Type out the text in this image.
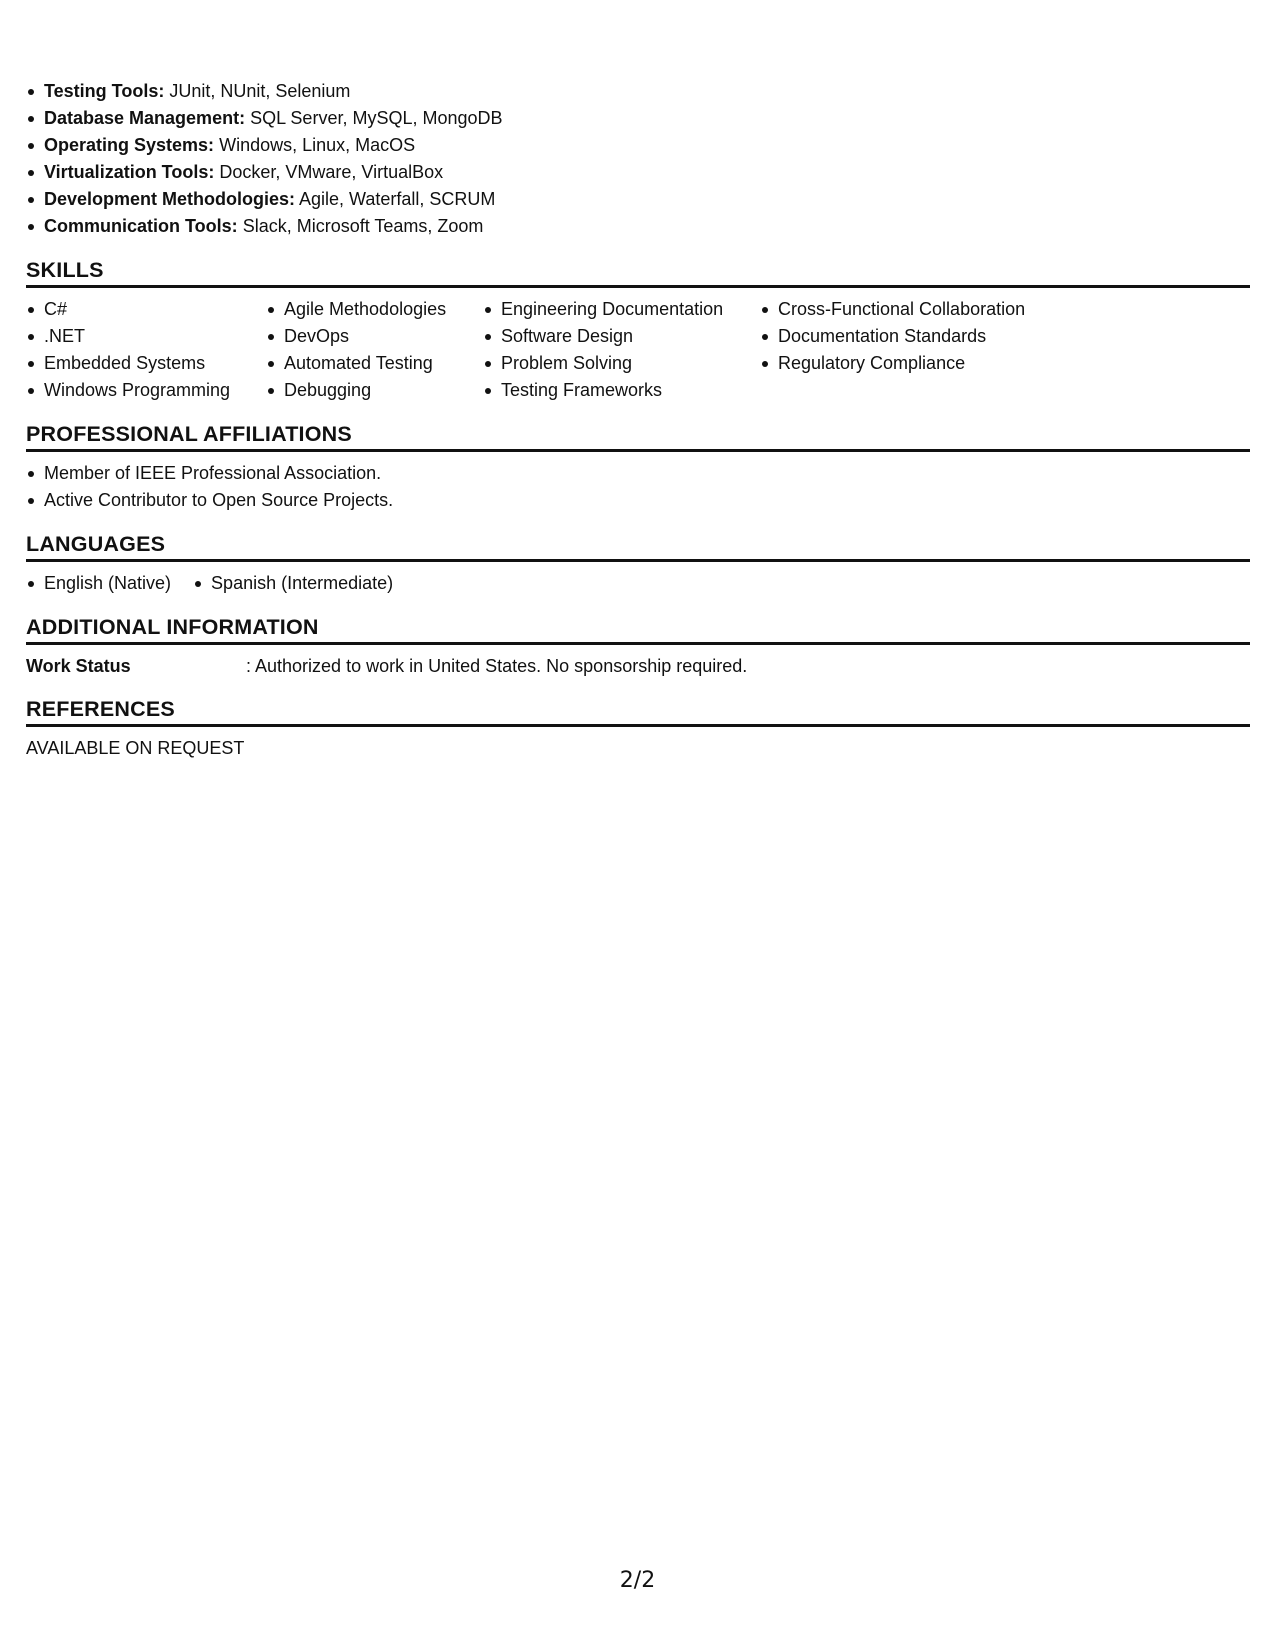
Testing Tools: JUnit, NUnit, Selenium
Database Management: SQL Server, MySQL, MongoDB
Operating Systems: Windows, Linux, MacOS
Virtualization Tools: Docker, VMware, VirtualBox
Development Methodologies: Agile, Waterfall, SCRUM
Communication Tools: Slack, Microsoft Teams, Zoom
SKILLS
C#
.NET
Embedded Systems
Windows Programming
Agile Methodologies
DevOps
Automated Testing
Debugging
Engineering Documentation
Software Design
Problem Solving
Testing Frameworks
Cross-Functional Collaboration
Documentation Standards
Regulatory Compliance
PROFESSIONAL AFFILIATIONS
Member of IEEE Professional Association.
Active Contributor to Open Source Projects.
LANGUAGES
English (Native)	Spanish (Intermediate)
ADDITIONAL INFORMATION
Work Status	: Authorized to work in United States. No sponsorship required.
REFERENCES
AVAILABLE ON REQUEST
2/2
